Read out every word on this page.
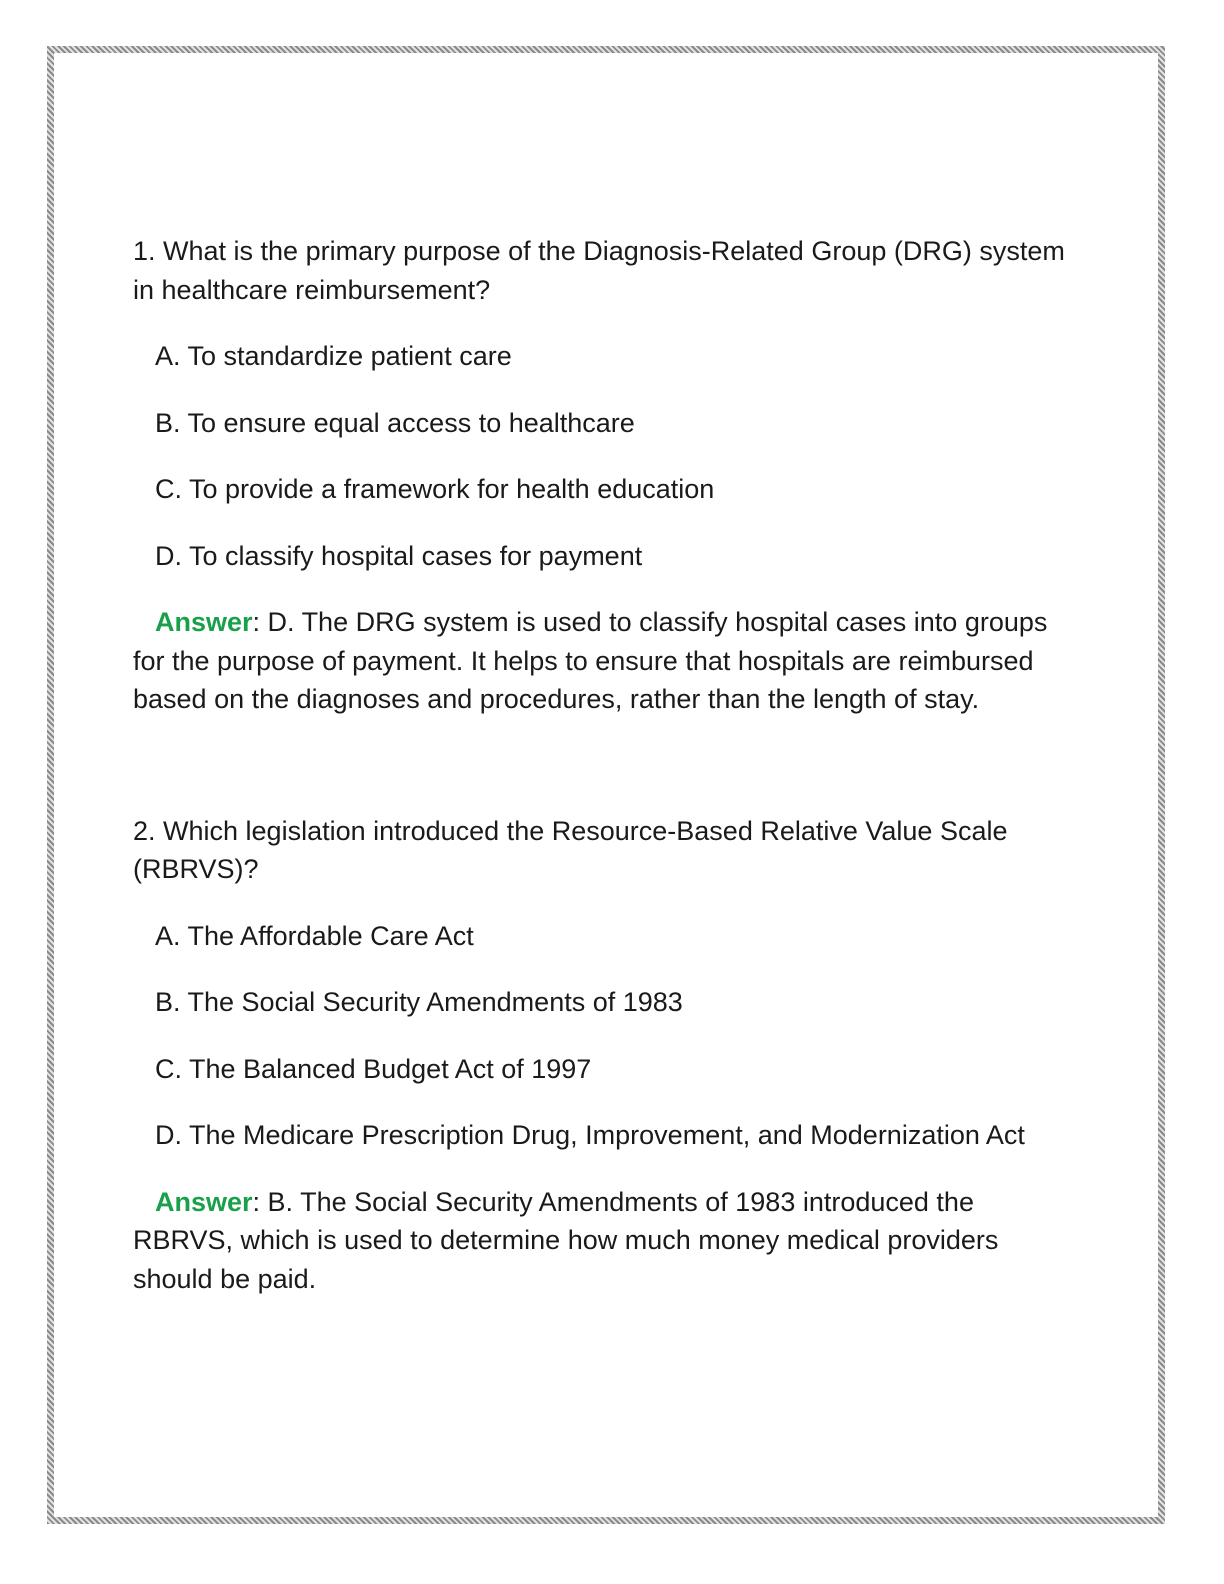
1. What is the primary purpose of the Diagnosis-Related Group (DRG) system in healthcare reimbursement?

A. To standardize patient care

B. To ensure equal access to healthcare

C. To provide a framework for health education

D. To classify hospital cases for payment

Answer: D. The DRG system is used to classify hospital cases into groups for the purpose of payment. It helps to ensure that hospitals are reimbursed based on the diagnoses and procedures, rather than the length of stay.

2. Which legislation introduced the Resource-Based Relative Value Scale (RBRVS)?

A. The Affordable Care Act

B. The Social Security Amendments of 1983

C. The Balanced Budget Act of 1997

D. The Medicare Prescription Drug, Improvement, and Modernization Act

Answer: B. The Social Security Amendments of 1983 introduced the RBRVS, which is used to determine how much money medical providers should be paid.
